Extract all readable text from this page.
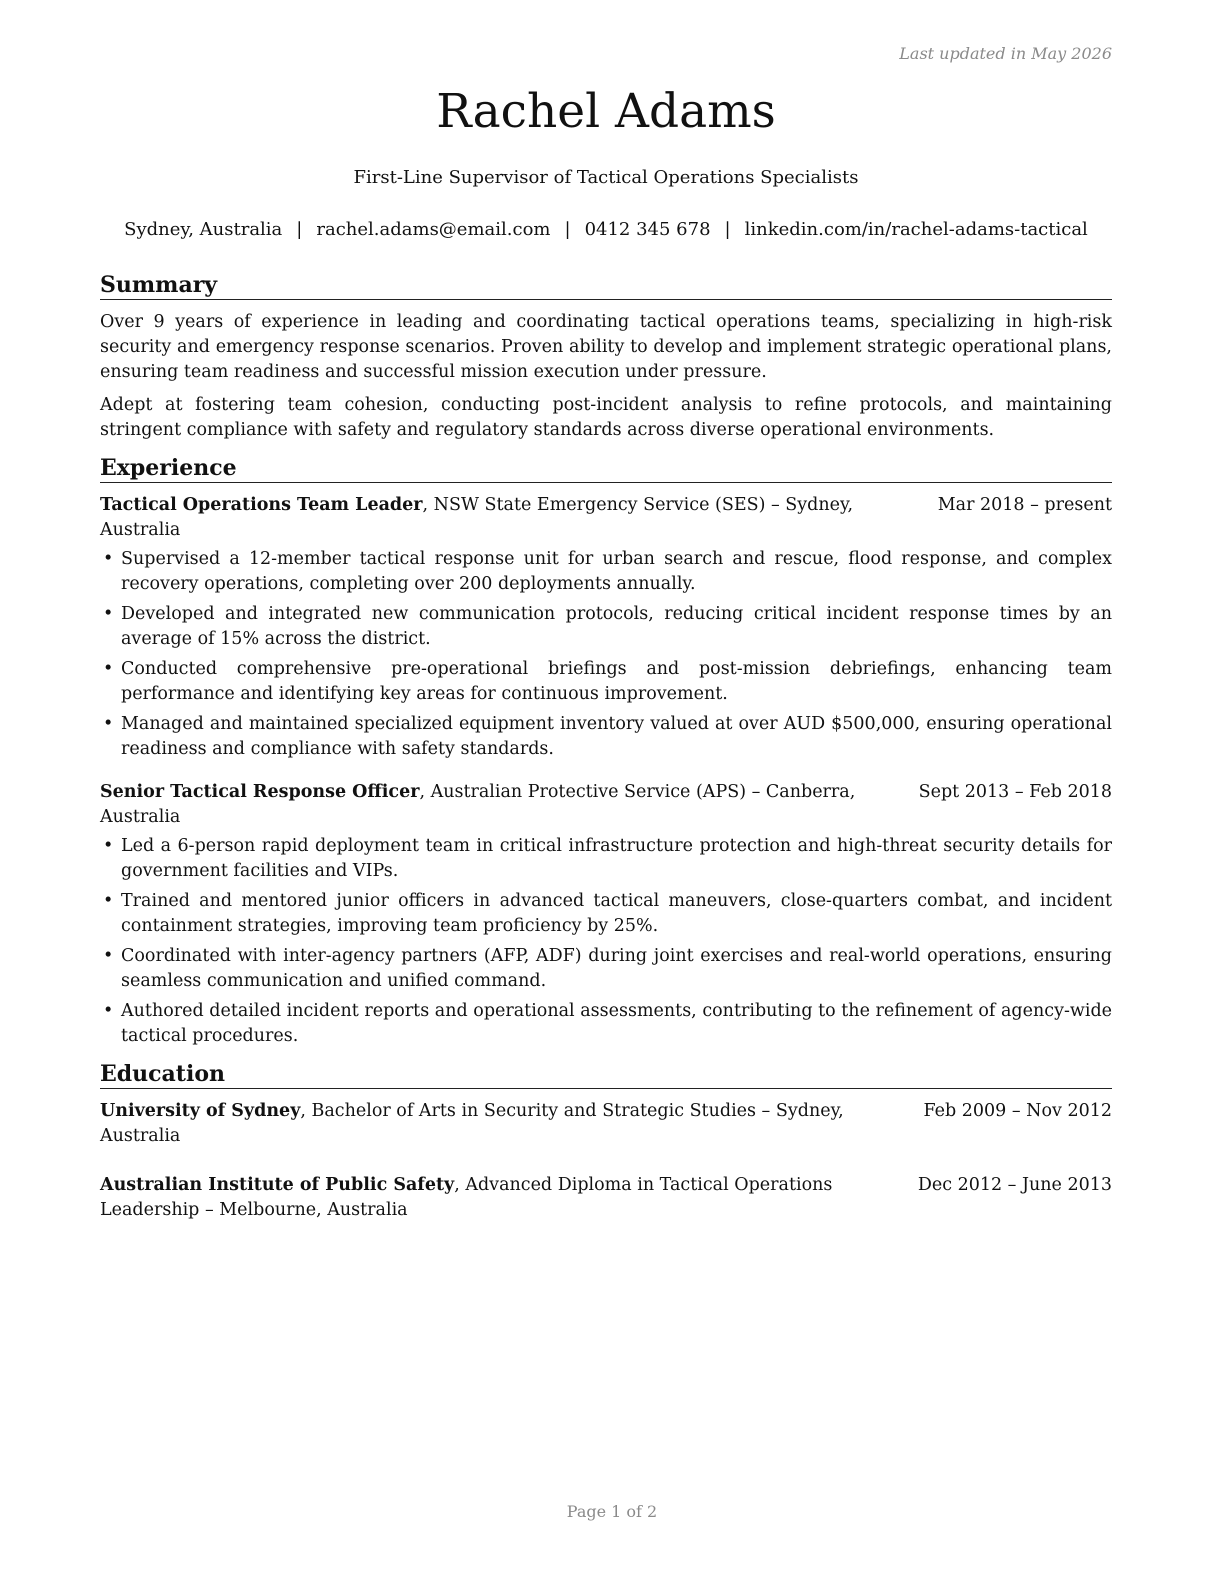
Last updated in May 2026
Rachel Adams
First-Line Supervisor of Tactical Operations Specialists
Sydney, Australia | rachel.adams@email.com | 0412 345 678 | linkedin.com/in/rachel-adams-tactical
Summary

Over 9 years of experience in leading and coordinating tactical operations teams, specializing in high-risk security and emergency response scenarios. Proven ability to develop and implement strategic operational plans, ensuring team readiness and successful mission execution under pressure.

Adept at fostering team cohesion, conducting post-incident analysis to refine protocols, and maintaining stringent compliance with safety and regulatory standards across diverse operational environments.

Experience
Tactical Operations Team Leader, NSW State Emergency Service (SES) – Sydney, Australia
Mar 2018 – present
• Supervised a 12-member tactical response unit for urban search and rescue, flood response, and complex recovery operations, completing over 200 deployments annually.
• Developed and integrated new communication protocols, reducing critical incident response times by an average of 15% across the district.
• Conducted comprehensive pre-operational briefings and post-mission debriefings, enhancing team performance and identifying key areas for continuous improvement.
• Managed and maintained specialized equipment inventory valued at over AUD $500,000, ensuring operational readiness and compliance with safety standards.
Senior Tactical Response Officer, Australian Protective Service (APS) – Canberra, Australia
Sept 2013 – Feb 2018
• Led a 6-person rapid deployment team in critical infrastructure protection and high-threat security details for government facilities and VIPs.
• Trained and mentored junior officers in advanced tactical maneuvers, close-quarters combat, and incident containment strategies, improving team proficiency by 25%.
• Coordinated with inter-agency partners (AFP, ADF) during joint exercises and real-world operations, ensuring seamless communication and unified command.
• Authored detailed incident reports and operational assessments, contributing to the refinement of agency-wide tactical procedures.
Education
University of Sydney, Bachelor of Arts in Security and Strategic Studies – Sydney, Australia
Feb 2009 – Nov 2012
Australian Institute of Public Safety, Advanced Diploma in Tactical Operations Leadership – Melbourne, Australia
Dec 2012 – June 2013
Page 1 of 2
